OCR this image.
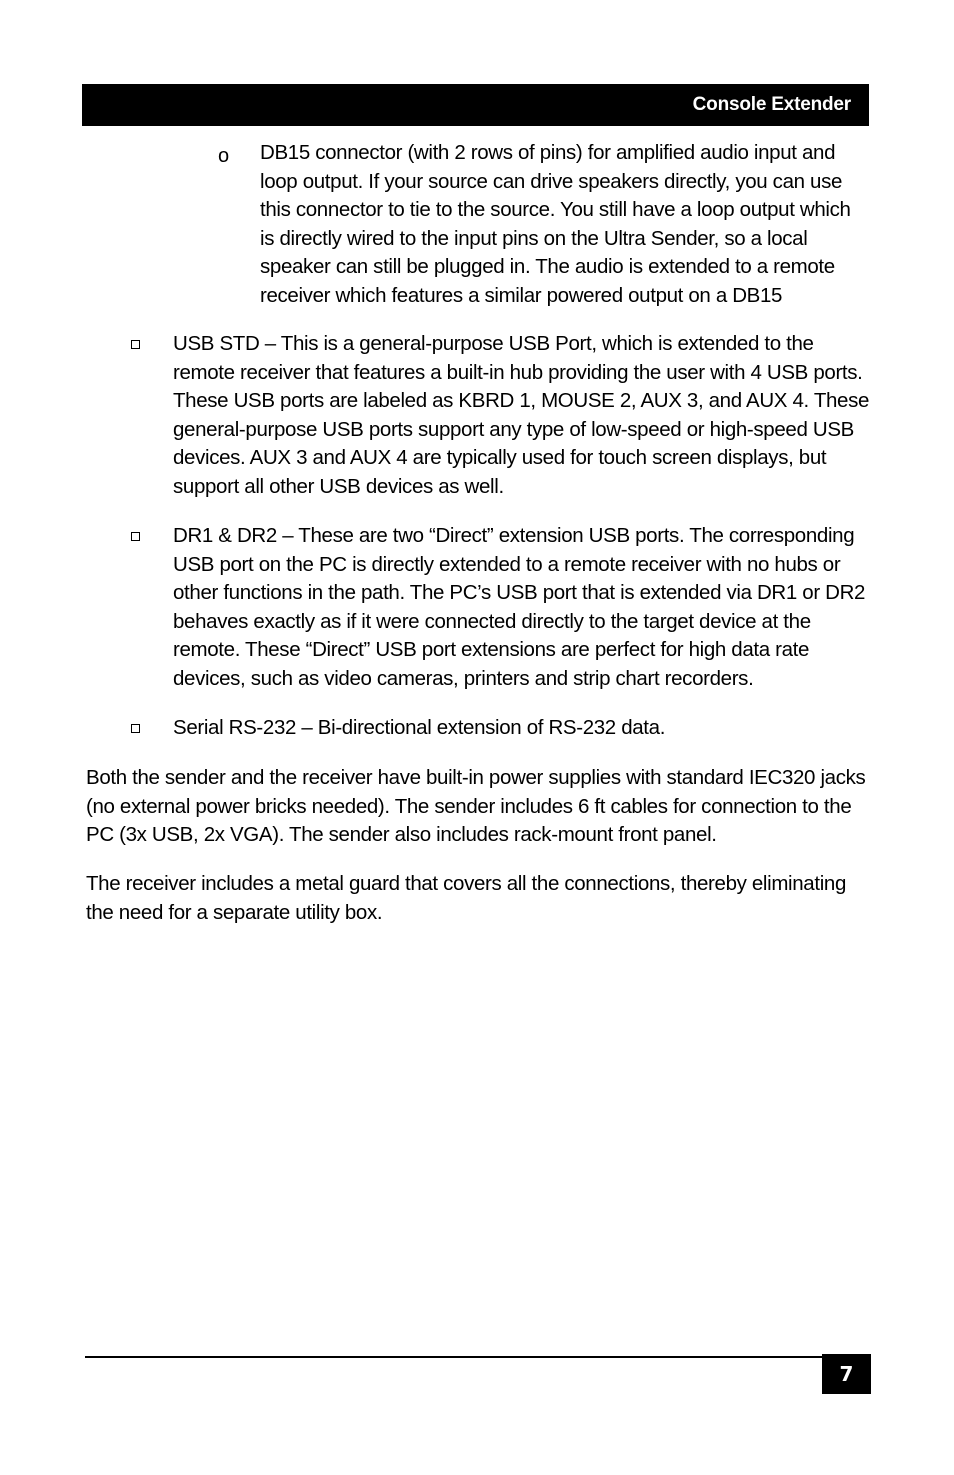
Console Extender
o DB15 connector (with 2 rows of pins) for amplified audio input and loop output. If your source can drive speakers directly, you can use this connector to tie to the source. You still have a loop output which is directly wired to the input pins on the Ultra Sender, so a local speaker can still be plugged in. The audio is extended to a remote receiver which features a similar powered output on a DB15
USB STD – This is a general-purpose USB Port, which is extended to the remote receiver that features a built-in hub providing the user with 4 USB ports. These USB ports are labeled as KBRD 1, MOUSE 2, AUX 3, and AUX 4. These general-purpose USB ports support any type of low-speed or high-speed USB devices. AUX 3 and AUX 4 are typically used for touch screen displays, but support all other USB devices as well.
DR1 & DR2 – These are two “Direct” extension USB ports. The corresponding USB port on the PC is directly extended to a remote receiver with no hubs or other functions in the path. The PC’s USB port that is extended via DR1 or DR2 behaves exactly as if it were connected directly to the target device at the remote. These “Direct” USB port extensions are perfect for high data rate devices, such as video cameras, printers and strip chart recorders.
Serial RS-232 – Bi-directional extension of RS-232 data.
Both the sender and the receiver have built-in power supplies with standard IEC320 jacks (no external power bricks needed). The sender includes 6 ft cables for connection to the PC (3x USB, 2x VGA). The sender also includes rack-mount front panel.
The receiver includes a metal guard that covers all the connections, thereby eliminating the need for a separate utility box.
7
